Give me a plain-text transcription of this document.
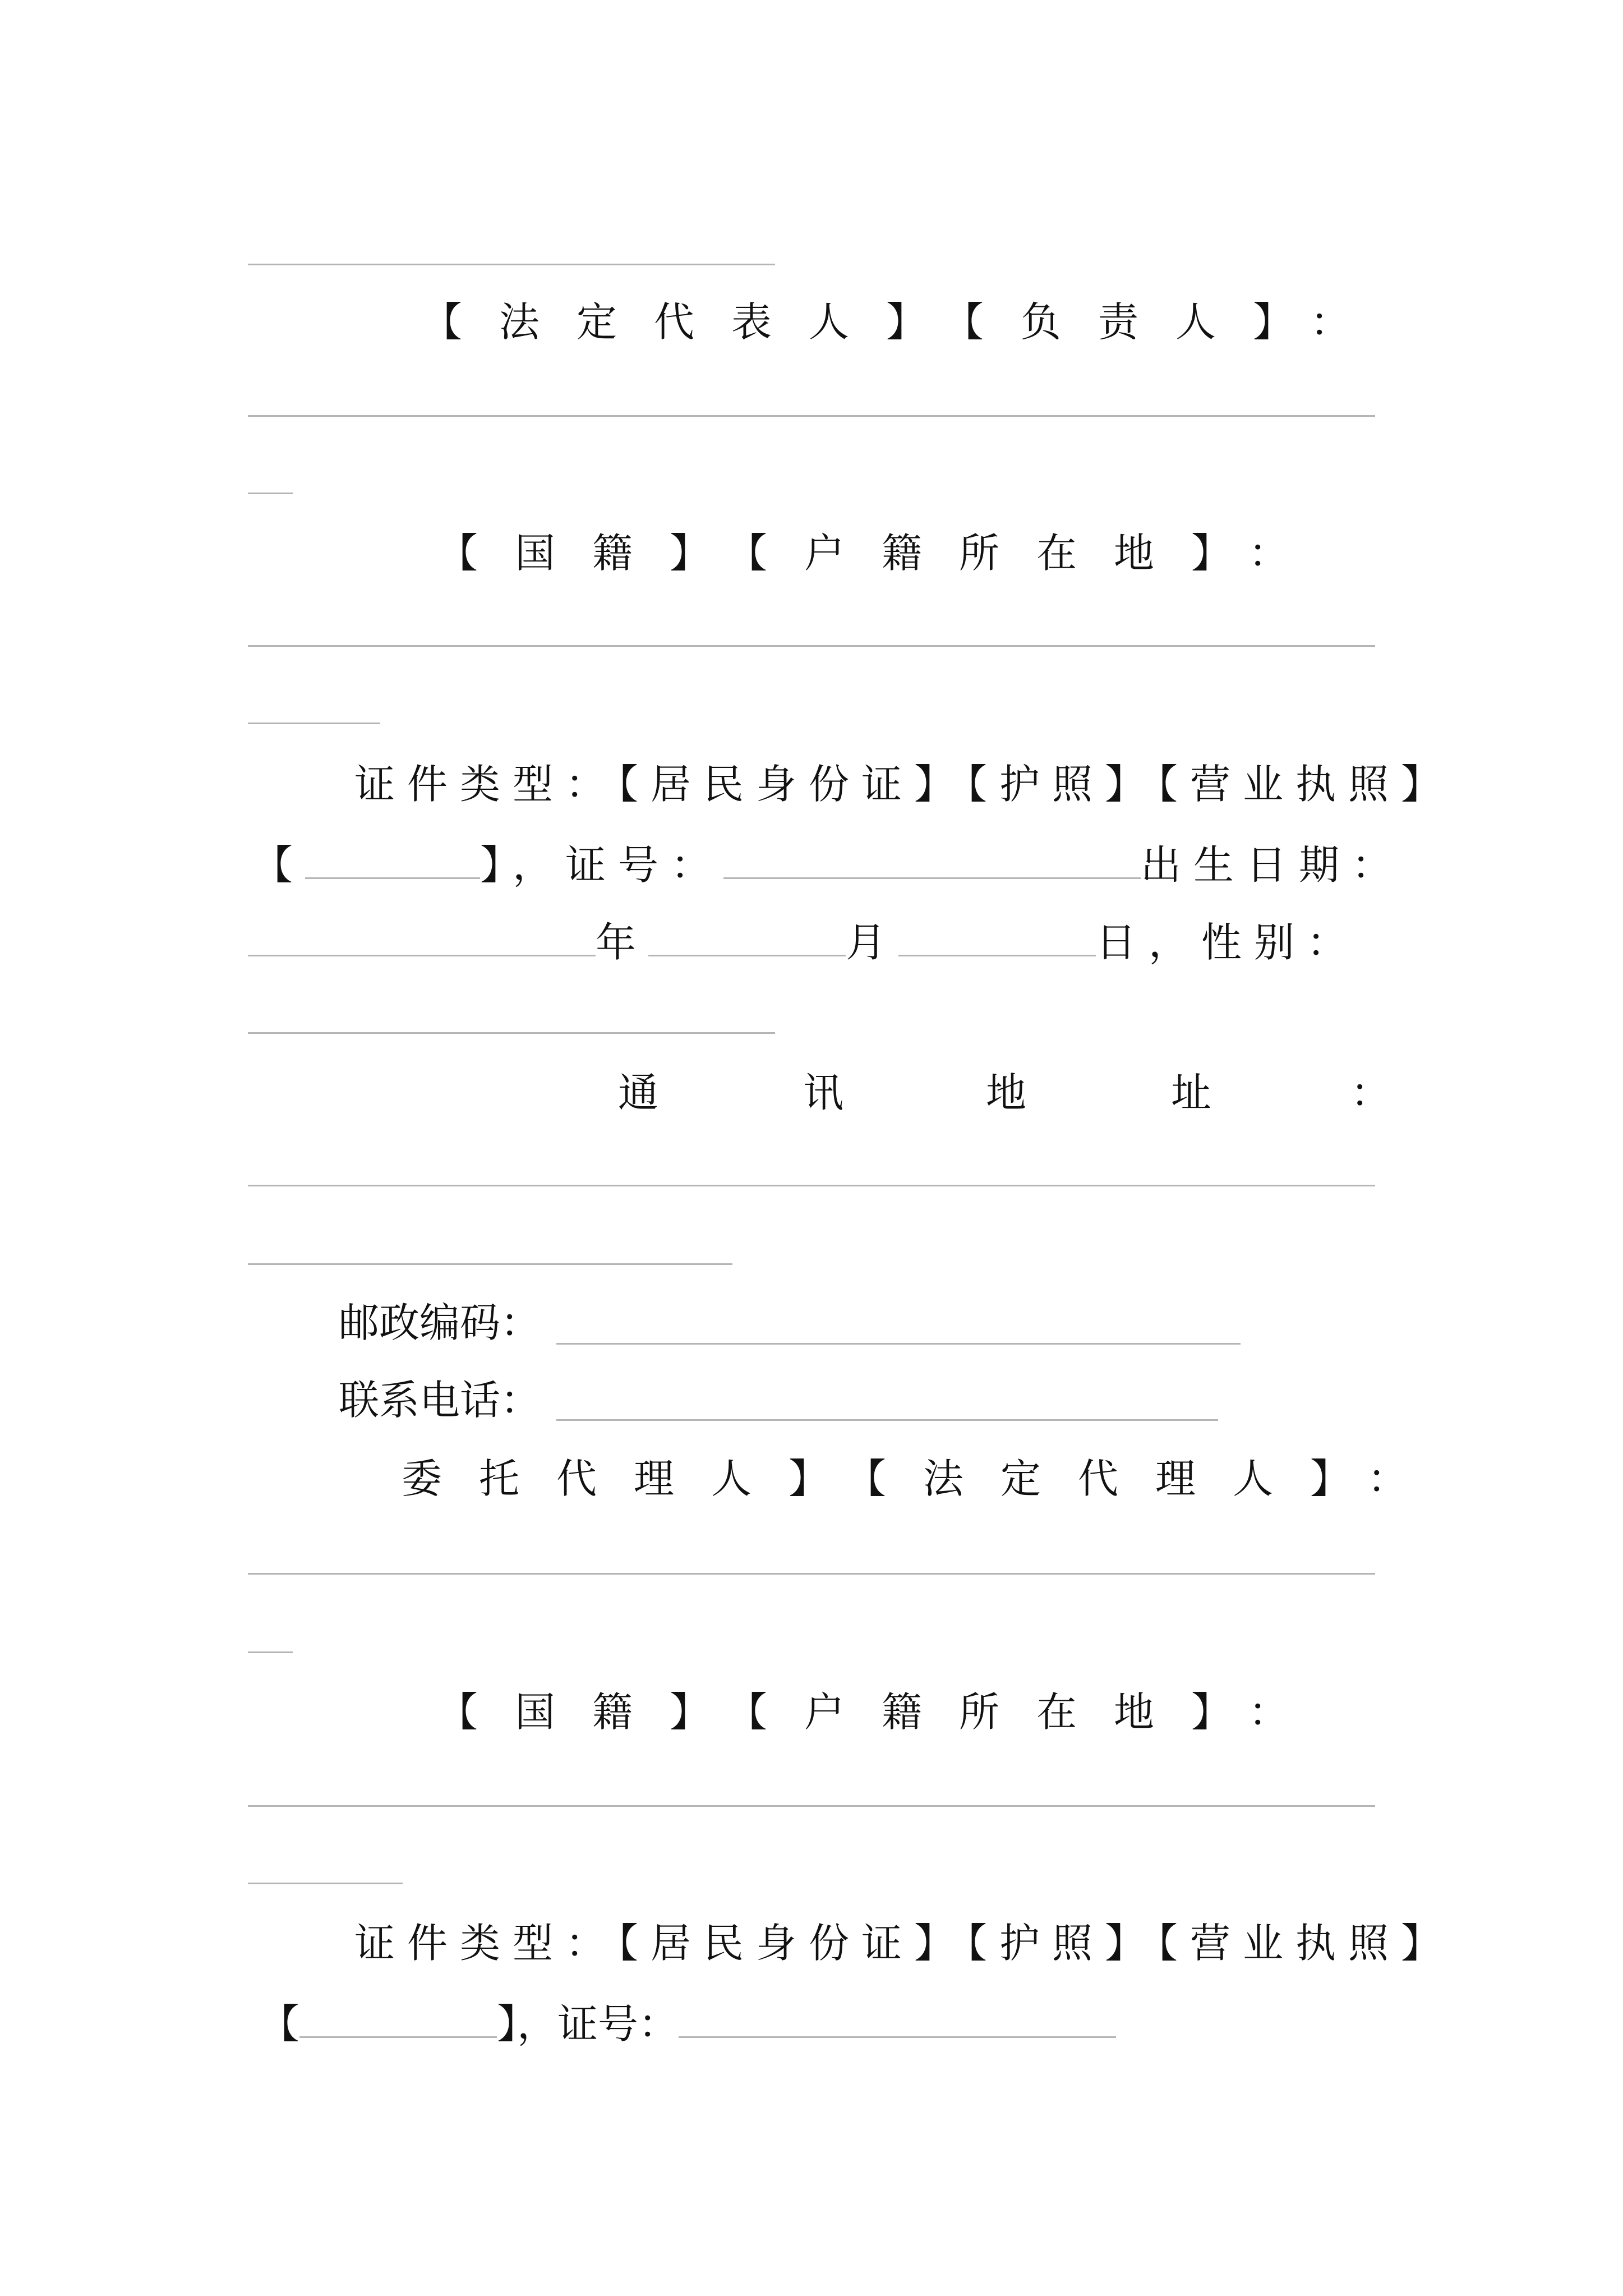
【法定代表人】【负责人】：
【国籍】【户籍所在地】：
证件类型：【居民身份证】【护照】【营业执照】
【	】，证号：	出生日期：
年	月	日，性别：
通	讯	地	址	：
邮政编码：
联系电话：
委托代理人】【法定代理人】：
【国籍】【户籍所在地】：
证件类型：【居民身份证】【护照】【营业执照】
【	】，证号：
